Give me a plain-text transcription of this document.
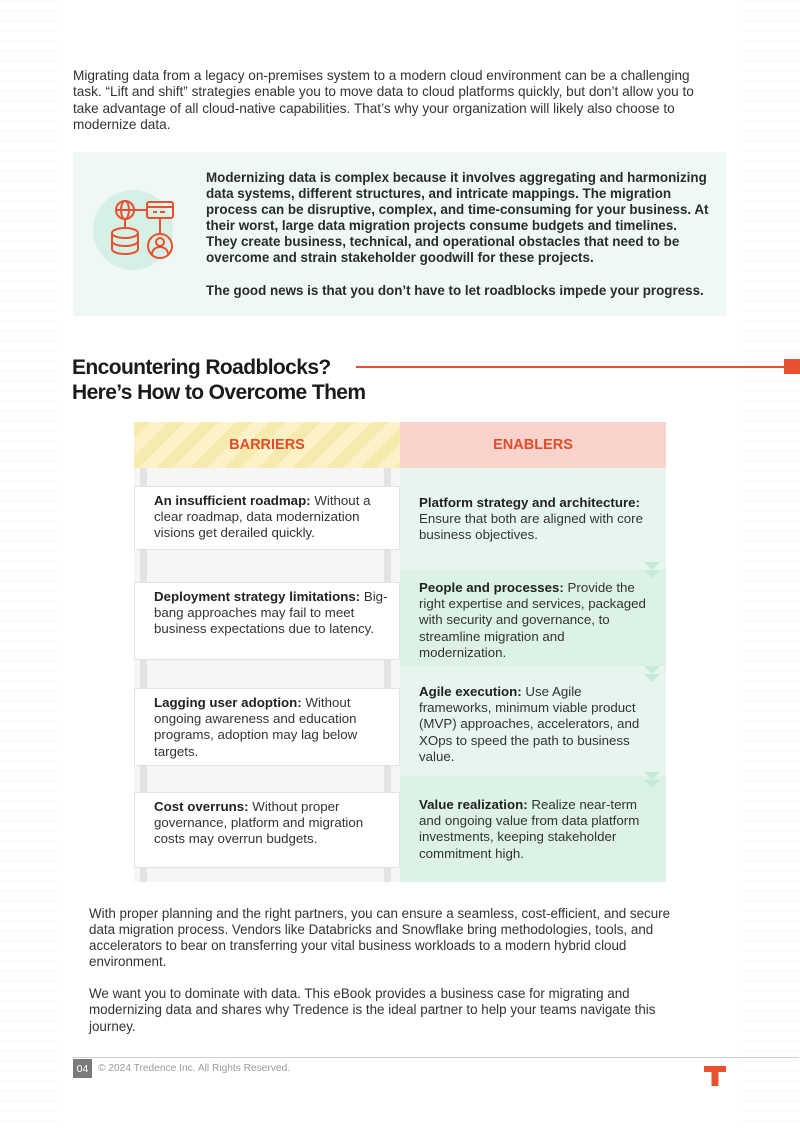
Migrating data from a legacy on-premises system to a modern cloud environment can be a challenging task. “Lift and shift” strategies enable you to move data to cloud platforms quickly, but don’t allow you to take advantage of all cloud-native capabilities. That’s why your organization will likely also choose to modernize data.

Modernizing data is complex because it involves aggregating and harmonizing data systems, different structures, and intricate mappings. The migration process can be disruptive, complex, and time-consuming for your business. At their worst, large data migration projects consume budgets and timelines. They create business, technical, and operational obstacles that need to be overcome and strain stakeholder goodwill for these projects.

The good news is that you don’t have to let roadblocks impede your progress.

Encountering Roadblocks?
Here’s How to Overcome Them
BARRIERS	ENABLERS
An insufficient roadmap: Without a clear roadmap, data modernization visions get derailed quickly.
Deployment strategy limitations: Big-bang approaches may fail to meet business expectations due to latency.
Lagging user adoption: Without ongoing awareness and education programs, adoption may lag below targets.
Cost overruns: Without proper governance, platform and migration costs may overrun budgets.
Platform strategy and architecture: Ensure that both are aligned with core business objectives.
People and processes: Provide the right expertise and services, packaged with security and governance, to streamline migration and modernization.
Agile execution: Use Agile frameworks, minimum viable product (MVP) approaches, accelerators, and XOps to speed the path to business value.
Value realization: Realize near-term and ongoing value from data platform investments, keeping stakeholder commitment high.

With proper planning and the right partners, you can ensure a seamless, cost-efficient, and secure data migration process. Vendors like Databricks and Snowflake bring methodologies, tools, and accelerators to bear on transferring your vital business workloads to a modern hybrid cloud environment.

We want you to dominate with data. This eBook provides a business case for migrating and modernizing data and shares why Tredence is the ideal partner to help your teams navigate this journey.

04 © 2024 Tredence Inc. All Rights Reserved.
